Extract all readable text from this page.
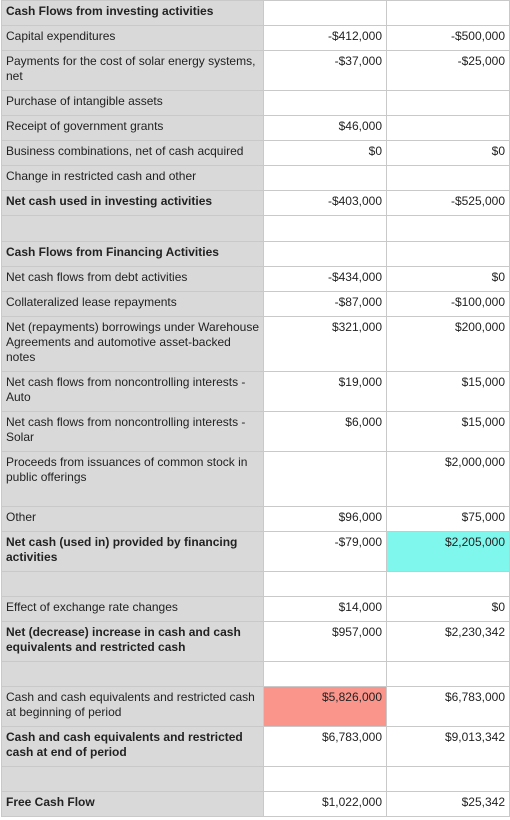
Cash Flows from investing activities		
Capital expenditures	-$412,000	-$500,000
Payments for the cost of solar energy systems, net	-$37,000	-$25,000
Purchase of intangible assets		
Receipt of government grants	$46,000	
Business combinations, net of cash acquired	$0	$0
Change in restricted cash and other		
Net cash used in investing activities	-$403,000	-$525,000

Cash Flows from Financing Activities		
Net cash flows from debt activities	-$434,000	$0
Collateralized lease repayments	-$87,000	-$100,000
Net (repayments) borrowings under Warehouse Agreements and automotive asset-backed notes	$321,000	$200,000
Net cash flows from noncontrolling interests - Auto	$19,000	$15,000
Net cash flows from noncontrolling interests - Solar	$6,000	$15,000
Proceeds from issuances of common stock in public offerings		$2,000,000
Other	$96,000	$75,000
Net cash (used in) provided by financing activities	-$79,000	$2,205,000

Effect of exchange rate changes	$14,000	$0
Net (decrease) increase in cash and cash equivalents and restricted cash	$957,000	$2,230,342

Cash and cash equivalents and restricted cash at beginning of period	$5,826,000	$6,783,000
Cash and cash equivalents and restricted cash at end of period	$6,783,000	$9,013,342

Free Cash Flow	$1,022,000	$25,342
